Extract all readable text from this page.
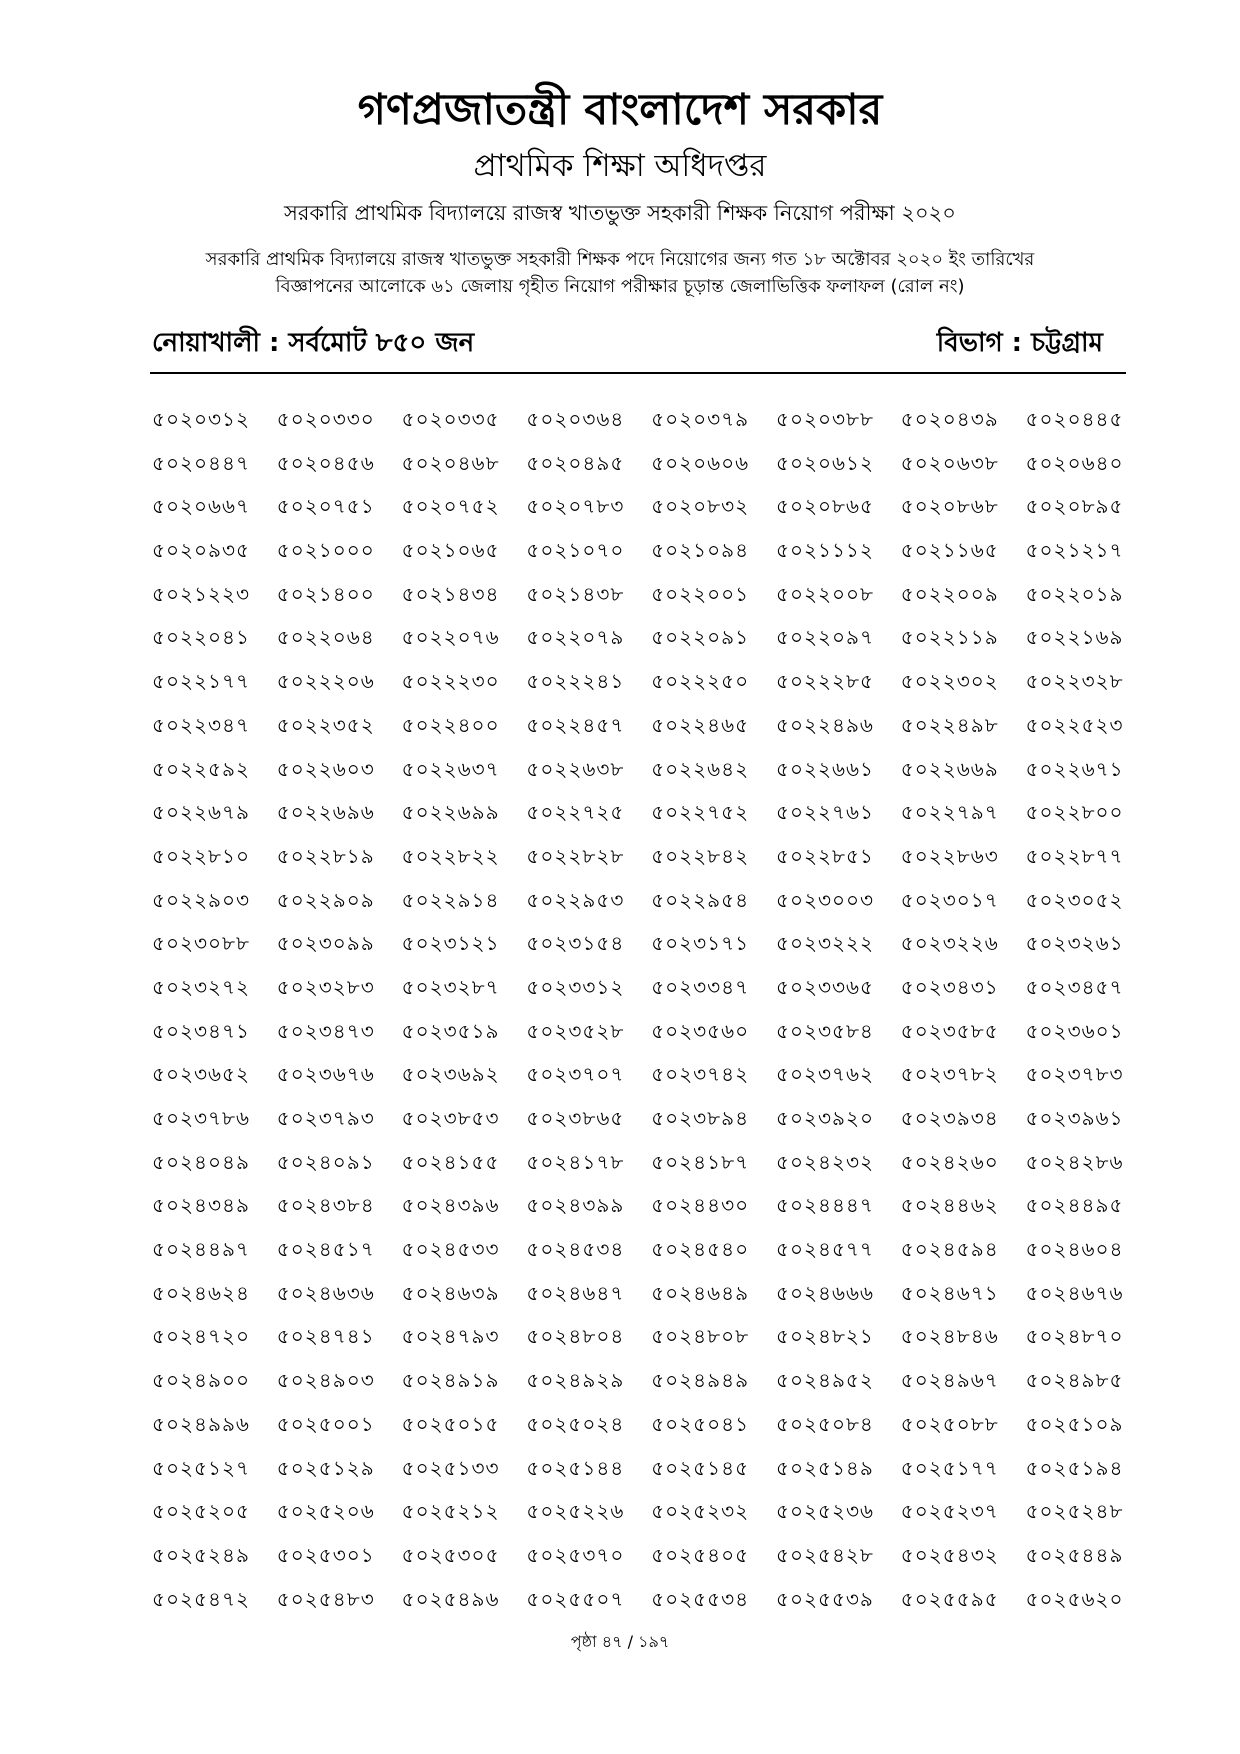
গণপ্রজাতন্ত্রী বাংলাদেশ সরকার
প্রাথমিক শিক্ষা অধিদপ্তর
সরকারি প্রাথমিক বিদ্যালয়ে রাজস্ব খাতভুক্ত সহকারী শিক্ষক নিয়োগ পরীক্ষা ২০২০
সরকারি প্রাথমিক বিদ্যালয়ে রাজস্ব খাতভুক্ত সহকারী শিক্ষক পদে নিয়োগের জন্য গত ১৮ অক্টোবর ২০২০ ইং তারিখের
বিজ্ঞাপনের আলোকে ৬১ জেলায় গৃহীত নিয়োগ পরীক্ষার চূড়ান্ত জেলাভিত্তিক ফলাফল (রোল নং)
নোয়াখালী : সর্বমোট ৮৫০ জন	বিভাগ : চট্টগ্রাম
৫০২০৩১২	৫০২০৩৩০	৫০২০৩৩৫	৫০২০৩৬৪	৫০২০৩৭৯	৫০২০৩৮৮	৫০২০৪৩৯	৫০২০৪৪৫
৫০২০৪৪৭	৫০২০৪৫৬	৫০২০৪৬৮	৫০২০৪৯৫	৫০২০৬০৬	৫০২০৬১২	৫০২০৬৩৮	৫০২০৬৪০
৫০২০৬৬৭	৫০২০৭৫১	৫০২০৭৫২	৫০২০৭৮৩	৫০২০৮৩২	৫০২০৮৬৫	৫০২০৮৬৮	৫০২০৮৯৫
৫০২০৯৩৫	৫০২১০০০	৫০২১০৬৫	৫০২১০৭০	৫০২১০৯৪	৫০২১১১২	৫০২১১৬৫	৫০২১২১৭
৫০২১২২৩	৫০২১৪০০	৫০২১৪৩৪	৫০২১৪৩৮	৫০২২০০১	৫০২২০০৮	৫০২২০০৯	৫০২২০১৯
৫০২২০৪১	৫০২২০৬৪	৫০২২০৭৬	৫০২২০৭৯	৫০২২০৯১	৫০২২০৯৭	৫০২২১১৯	৫০২২১৬৯
৫০২২১৭৭	৫০২২২০৬	৫০২২২৩০	৫০২২২৪১	৫০২২২৫০	৫০২২২৮৫	৫০২২৩০২	৫০২২৩২৮
৫০২২৩৪৭	৫০২২৩৫২	৫০২২৪০০	৫০২২৪৫৭	৫০২২৪৬৫	৫০২২৪৯৬	৫০২২৪৯৮	৫০২২৫২৩
৫০২২৫৯২	৫০২২৬০৩	৫০২২৬৩৭	৫০২২৬৩৮	৫০২২৬৪২	৫০২২৬৬১	৫০২২৬৬৯	৫০২২৬৭১
৫০২২৬৭৯	৫০২২৬৯৬	৫০২২৬৯৯	৫০২২৭২৫	৫০২২৭৫২	৫০২২৭৬১	৫০২২৭৯৭	৫০২২৮০০
৫০২২৮১০	৫০২২৮১৯	৫০২২৮২২	৫০২২৮২৮	৫০২২৮৪২	৫০২২৮৫১	৫০২২৮৬৩	৫০২২৮৭৭
৫০২২৯০৩	৫০২২৯০৯	৫০২২৯১৪	৫০২২৯৫৩	৫০২২৯৫৪	৫০২৩০০৩	৫০২৩০১৭	৫০২৩০৫২
৫০২৩০৮৮	৫০২৩০৯৯	৫০২৩১২১	৫০২৩১৫৪	৫০২৩১৭১	৫০২৩২২২	৫০২৩২২৬	৫০২৩২৬১
৫০২৩২৭২	৫০২৩২৮৩	৫০২৩২৮৭	৫০২৩৩১২	৫০২৩৩৪৭	৫০২৩৩৬৫	৫০২৩৪৩১	৫০২৩৪৫৭
৫০২৩৪৭১	৫০২৩৪৭৩	৫০২৩৫১৯	৫০২৩৫২৮	৫০২৩৫৬০	৫০২৩৫৮৪	৫০২৩৫৮৫	৫০২৩৬০১
৫০২৩৬৫২	৫০২৩৬৭৬	৫০২৩৬৯২	৫০২৩৭০৭	৫০২৩৭৪২	৫০২৩৭৬২	৫০২৩৭৮২	৫০২৩৭৮৩
৫০২৩৭৮৬	৫০২৩৭৯৩	৫০২৩৮৫৩	৫০২৩৮৬৫	৫০২৩৮৯৪	৫০২৩৯২০	৫০২৩৯৩৪	৫০২৩৯৬১
৫০২৪০৪৯	৫০২৪০৯১	৫০২৪১৫৫	৫০২৪১৭৮	৫০২৪১৮৭	৫০২৪২৩২	৫০২৪২৬০	৫০২৪২৮৬
৫০২৪৩৪৯	৫০২৪৩৮৪	৫০২৪৩৯৬	৫০২৪৩৯৯	৫০২৪৪৩০	৫০২৪৪৪৭	৫০২৪৪৬২	৫০২৪৪৯৫
৫০২৪৪৯৭	৫০২৪৫১৭	৫০২৪৫৩৩	৫০২৪৫৩৪	৫০২৪৫৪০	৫০২৪৫৭৭	৫০২৪৫৯৪	৫০২৪৬০৪
৫০২৪৬২৪	৫০২৪৬৩৬	৫০২৪৬৩৯	৫০২৪৬৪৭	৫০২৪৬৪৯	৫০২৪৬৬৬	৫০২৪৬৭১	৫০২৪৬৭৬
৫০২৪৭২০	৫০২৪৭৪১	৫০২৪৭৯৩	৫০২৪৮০৪	৫০২৪৮০৮	৫০২৪৮২১	৫০২৪৮৪৬	৫০২৪৮৭০
৫০২৪৯০০	৫০২৪৯০৩	৫০২৪৯১৯	৫০২৪৯২৯	৫০২৪৯৪৯	৫০২৪৯৫২	৫০২৪৯৬৭	৫০২৪৯৮৫
৫০২৪৯৯৬	৫০২৫০০১	৫০২৫০১৫	৫০২৫০২৪	৫০২৫০৪১	৫০২৫০৮৪	৫০২৫০৮৮	৫০২৫১০৯
৫০২৫১২৭	৫০২৫১২৯	৫০২৫১৩৩	৫০২৫১৪৪	৫০২৫১৪৫	৫০২৫১৪৯	৫০২৫১৭৭	৫০২৫১৯৪
৫০২৫২০৫	৫০২৫২০৬	৫০২৫২১২	৫০২৫২২৬	৫০২৫২৩২	৫০২৫২৩৬	৫০২৫২৩৭	৫০২৫২৪৮
৫০২৫২৪৯	৫০২৫৩০১	৫০২৫৩০৫	৫০২৫৩৭০	৫০২৫৪০৫	৫০২৫৪২৮	৫০২৫৪৩২	৫০২৫৪৪৯
৫০২৫৪৭২	৫০২৫৪৮৩	৫০২৫৪৯৬	৫০২৫৫০৭	৫০২৫৫৩৪	৫০২৫৫৩৯	৫০২৫৫৯৫	৫০২৫৬২০
পৃষ্ঠা ৪৭ / ১৯৭
